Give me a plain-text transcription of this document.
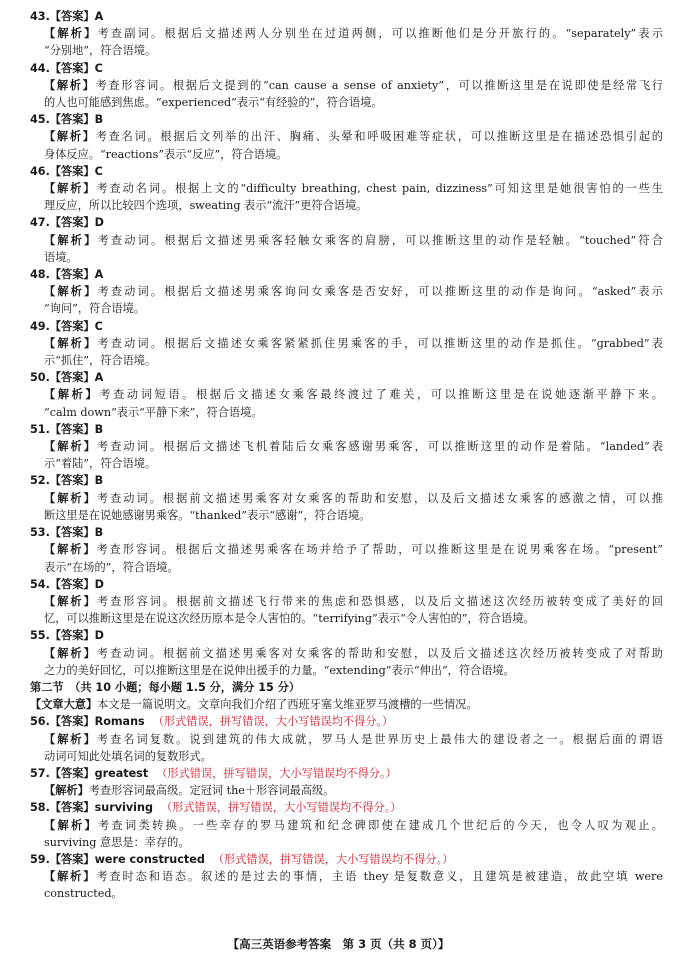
43.【答案】A
【解析】考查副词。根据后文描述两人分别坐在过道两侧，可以推断他们是分开旅行的。“separately”表示
“分别地”，符合语境。
44.【答案】C
【解析】考查形容词。根据后文提到的“can cause a sense of anxiety”，可以推断这里是在说即使是经常飞行
的人也可能感到焦虑。“experienced”表示“有经验的”，符合语境。
45.【答案】B
【解析】考查名词。根据后文列举的出汗、胸痛、头晕和呼吸困难等症状，可以推断这里是在描述恐惧引起的
身体反应。“reactions”表示“反应”，符合语境。
46.【答案】C
【解析】考查动名词。根据上文的“difficulty breathing, chest pain, dizziness”可知这里是她很害怕的一些生
理反应，所以比较四个选项，sweating 表示“流汗”更符合语境。
47.【答案】D
【解析】考查动词。根据后文描述男乘客轻触女乘客的肩膀，可以推断这里的动作是轻触。“touched”符合
语境。
48.【答案】A
【解析】考查动词。根据后文描述男乘客询问女乘客是否安好，可以推断这里的动作是询问。“asked”表示
“询问”，符合语境。
49.【答案】C
【解析】考查动词。根据后文描述女乘客紧紧抓住男乘客的手，可以推断这里的动作是抓住。“grabbed”表
示“抓住”，符合语境。
50.【答案】A
【解析】考查动词短语。根据后文描述女乘客最终渡过了难关，可以推断这里是在说她逐渐平静下来。
“calm down”表示“平静下来”，符合语境。
51.【答案】B
【解析】考查动词。根据后文描述飞机着陆后女乘客感谢男乘客，可以推断这里的动作是着陆。“landed”表
示“着陆”，符合语境。
52.【答案】B
【解析】考查动词。根据前文描述男乘客对女乘客的帮助和安慰，以及后文描述女乘客的感激之情，可以推
断这里是在说她感谢男乘客。“thanked”表示“感谢”，符合语境。
53.【答案】B
【解析】考查形容词。根据后文描述男乘客在场并给予了帮助，可以推断这里是在说男乘客在场。“present”
表示“在场的”，符合语境。
54.【答案】D
【解析】考查形容词。根据前文描述飞行带来的焦虑和恐惧感，以及后文描述这次经历被转变成了美好的回
忆，可以推断这里是在说这次经历原本是令人害怕的。“terrifying”表示“令人害怕的”，符合语境。
55.【答案】D
【解析】考查动词。根据前文描述男乘客对女乘客的帮助和安慰，以及后文描述这次经历被转变成了对帮助
之力的美好回忆，可以推断这里是在说伸出援手的力量。“extending”表示“伸出”，符合语境。
第二节　（共 10 小题；每小题 1.5 分，满分 15 分）
【文章大意】本文是一篇说明文。文章向我们介绍了西班牙塞戈维亚罗马渡槽的一些情况。
56.【答案】Romans （形式错误，拼写错误，大小写错误均不得分。）
【解析】考查名词复数。说到建筑的伟大成就，罗马人是世界历史上最伟大的建设者之一。根据后面的谓语
动词可知此处填名词的复数形式。
57.【答案】greatest （形式错误，拼写错误，大小写错误均不得分。）
【解析】考查形容词最高级。定冠词 the＋形容词最高级。
58.【答案】surviving （形式错误，拼写错误，大小写错误均不得分。）
【解析】考查词类转换。一些幸存的罗马建筑和纪念碑即使在建成几个世纪后的今天，也令人叹为观止。
surviving 意思是：幸存的。
59.【答案】were constructed （形式错误，拼写错误，大小写错误均不得分。）
【解析】考查时态和语态。叙述的是过去的事情，主语 they 是复数意义，且建筑是被建造，故此空填 were
constructed。
【高三英语参考答案　第 3 页（共 8 页）】
